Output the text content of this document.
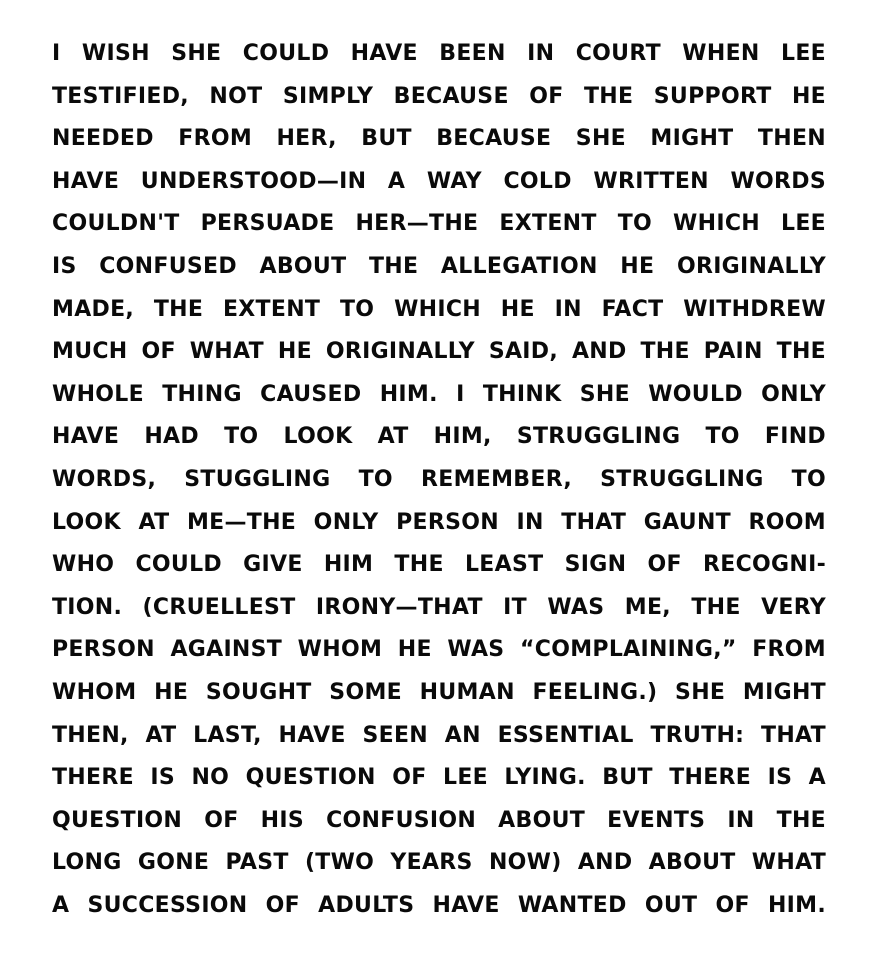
I WISH SHE COULD HAVE BEEN IN COURT WHEN LEE
TESTIFIED, NOT SIMPLY BECAUSE OF THE SUPPORT HE
NEEDED FROM HER, BUT BECAUSE SHE MIGHT THEN
HAVE UNDERSTOOD—IN A WAY COLD WRITTEN WORDS
COULDN'T PERSUADE HER—THE EXTENT TO WHICH LEE
IS CONFUSED ABOUT THE ALLEGATION HE ORIGINALLY
MADE, THE EXTENT TO WHICH HE IN FACT WITHDREW
MUCH OF WHAT HE ORIGINALLY SAID, AND THE PAIN THE
WHOLE THING CAUSED HIM. I THINK SHE WOULD ONLY
HAVE HAD TO LOOK AT HIM, STRUGGLING TO FIND
WORDS, STUGGLING TO REMEMBER, STRUGGLING TO
LOOK AT ME—THE ONLY PERSON IN THAT GAUNT ROOM
WHO COULD GIVE HIM THE LEAST SIGN OF RECOGNI-
TION. (CRUELLEST IRONY—THAT IT WAS ME, THE VERY
PERSON AGAINST WHOM HE WAS “COMPLAINING,” FROM
WHOM HE SOUGHT SOME HUMAN FEELING.) SHE MIGHT
THEN, AT LAST, HAVE SEEN AN ESSENTIAL TRUTH: THAT
THERE IS NO QUESTION OF LEE LYING. BUT THERE IS A
QUESTION OF HIS CONFUSION ABOUT EVENTS IN THE
LONG GONE PAST (TWO YEARS NOW) AND ABOUT WHAT
A SUCCESSION OF ADULTS HAVE WANTED OUT OF HIM.
